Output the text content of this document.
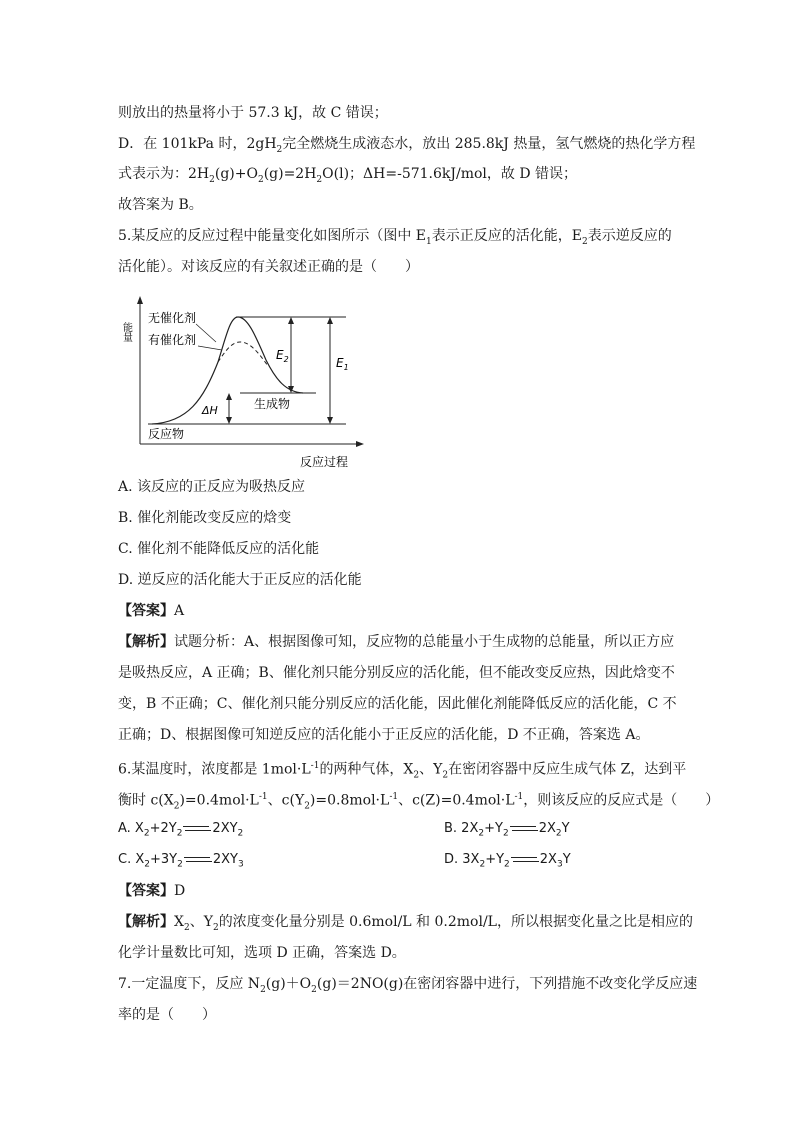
则放出的热量将小于 57.3 kJ，故 C 错误；
D．在 101kPa 时，$2gH_2$完全燃烧生成液态水，放出 285.8kJ 热量，氢气燃烧的热化学方程
式表示为：$2H_2(g)+O_2(g)=2H_2O(l)$；ΔH=-571.6kJ/mol，故 D 错误；
故答案为 B。
5.某反应的反应过程中能量变化如图所示（图中 $E_1$表示正反应的活化能，$E_2$表示逆反应的
活化能）。对该反应的有关叙述正确的是（　　）
能量
反应过程
无催化剂
有催化剂
反应物
生成物
$E_2$	$E_1$
ΔH
A. 该反应的正反应为吸热反应
B. 催化剂能改变反应的焓变
C. 催化剂不能降低反应的活化能
D. 逆反应的活化能大于正反应的活化能
【答案】A
【解析】试题分析：A、根据图像可知，反应物的总能量小于生成物的总能量，所以正方应
是吸热反应，A 正确；B、催化剂只能分别反应的活化能，但不能改变反应热，因此焓变不
变，B 不正确；C、催化剂只能分别反应的活化能，因此催化剂能降低反应的活化能，C 不
正确；D、根据图像可知逆反应的活化能小于正反应的活化能，D 不正确，答案选 A。
6.某温度时，浓度都是 $1mol\cdot L^{-1}$的两种气体，$X_2$、$Y_2$在密闭容器中反应生成气体 Z，达到平
衡时 $c(X_2)=0.4mol\cdot L^{-1}$、$c(Y_2)=0.8mol\cdot L^{-1}$、$c(Z)=0.4mol\cdot L^{-1}$，则该反应的反应式是（　　）
A. $X_2+2Y_2$ $2XY_2$	B. $2X_2+Y_2$ $2X_2Y$
C. $X_2+3Y_2$ $2XY_3$	D. $3X_2+Y_2$ $2X_3Y$
【答案】D
【解析】$X_2$、$Y_2$的浓度变化量分别是 0.6mol/L 和 0.2mol/L，所以根据变化量之比是相应的
化学计量数比可知，选项 D 正确，答案选 D。
7.一定温度下，反应 $N_2(g)+O_2(g)=2NO(g)$在密闭容器中进行，下列措施不改变化学反应速
率的是（　　）
